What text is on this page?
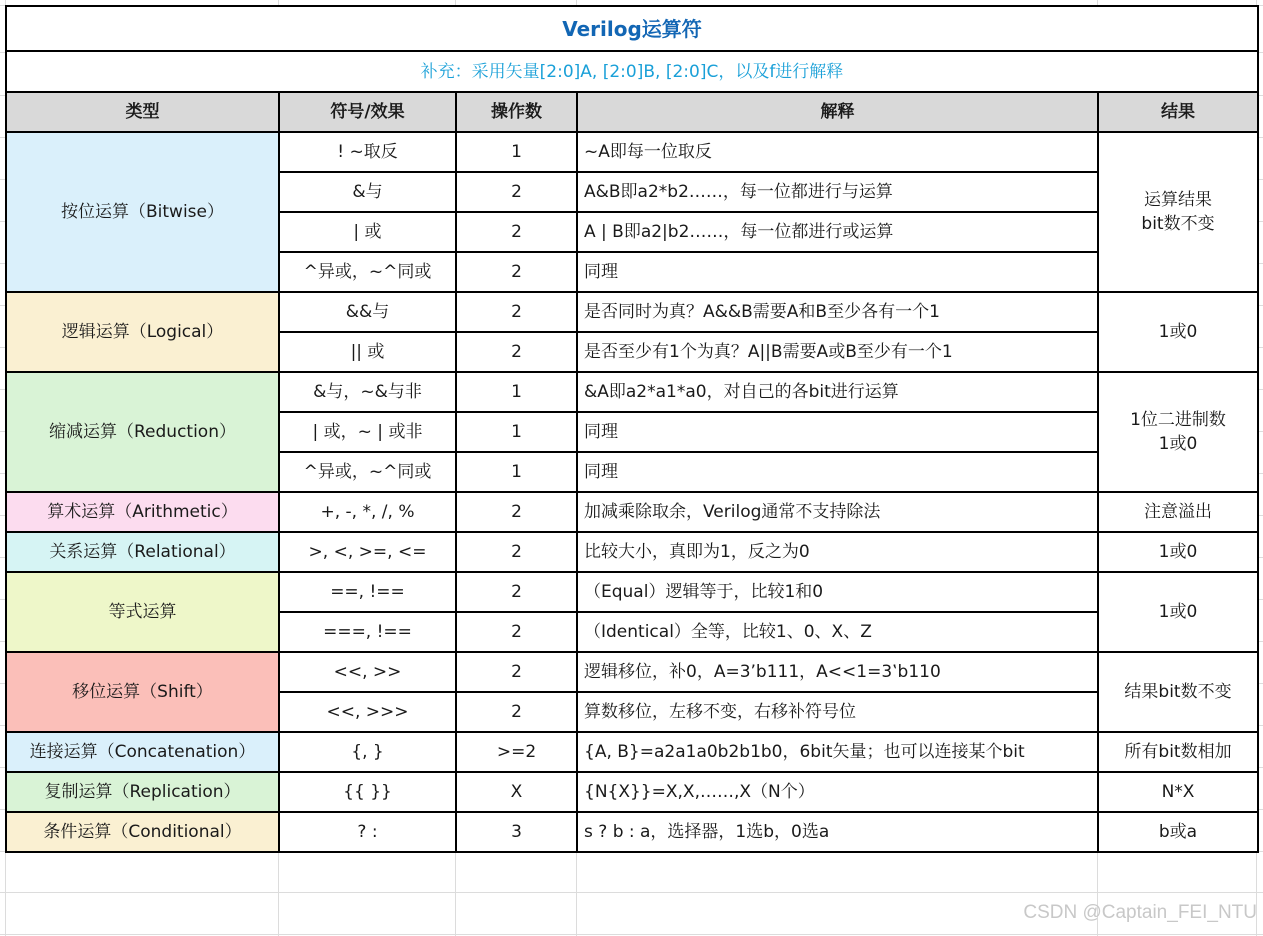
Verilog运算符				
补充：采用矢量[2:0]A, [2:0]B, [2:0]C，以及f进行解释				
类型	符号/效果	操作数	解释	结果
按位运算（Bitwise）	! ~取反	1	~A即每一位取反	运算结果
bit数不变

	&与	2	A&B即a2*b2……，每一位都进行与运算	
	| 或	2	A | B即a2|b2……，每一位都进行或运算	
	^异或，~^同或	2	同理	
逻辑运算（Logical）	&&与	2	是否同时为真？A&&B需要A和B至少各有一个1	1或0

	|| 或	2	是否至少有1个为真？A||B需要A或B至少有一个1	
缩减运算（Reduction）	&与，~&与非	1	&A即a2*a1*a0，对自己的各bit进行运算	1位二进制数
1或0

	| 或，~ | 或非	1	同理	
	^异或，~^同或	1	同理	
算术运算（Arithmetic）	+, -, *, /, %	2	加减乘除取余，Verilog通常不支持除法	注意溢出

关系运算（Relational）	>, <, >=, <=	2	比较大小，真即为1，反之为0	1或0

等式运算	==, !==	2	（Equal）逻辑等于，比较1和0	1或0

	===, !==	2	（Identical）全等，比较1、0、X、Z	
移位运算（Shift）	<<, >>	2	逻辑移位，补0，A=3’b111，A<<1=3‛b110	结果bit数不变

	<<, >>>	2	算数移位，左移不变，右移补符号位	
连接运算（Concatenation）	{, }	>=2	{A, B}=a2a1a0b2b1b0，6bit矢量；也可以连接某个bit	所有bit数相加

复制运算（Replication）	{{ }}	X	{N{X}}=X,X,……,X（N个）	N*X

条件运算（Conditional）	? :	3	s ? b : a，选择器，1选b，0选a	b或a
CSDN @Captain_FEI_NTU
